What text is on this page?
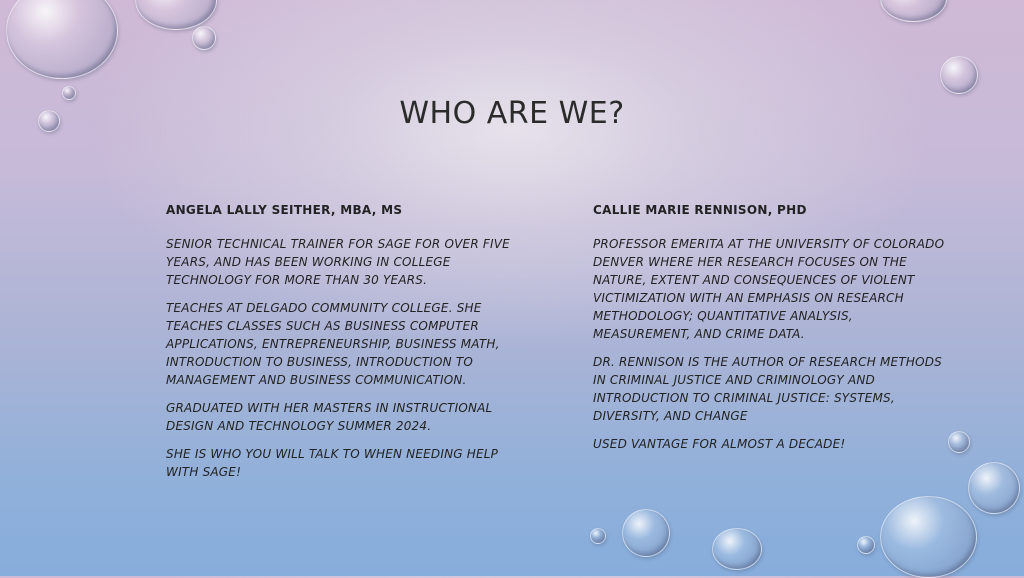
WHO ARE WE?
ANGELA LALLY SEITHER, MBA, MS

SENIOR TECHNICAL TRAINER FOR SAGE FOR OVER FIVE YEARS, AND HAS BEEN WORKING IN COLLEGE TECHNOLOGY FOR MORE THAN 30 YEARS.

TEACHES AT DELGADO COMMUNITY COLLEGE. SHE TEACHES CLASSES SUCH AS BUSINESS COMPUTER APPLICATIONS, ENTREPRENEURSHIP, BUSINESS MATH, INTRODUCTION TO BUSINESS, INTRODUCTION TO MANAGEMENT AND BUSINESS COMMUNICATION.

GRADUATED WITH HER MASTERS IN INSTRUCTIONAL DESIGN AND TECHNOLOGY SUMMER 2024.

SHE IS WHO YOU WILL TALK TO WHEN NEEDING HELP WITH SAGE!

CALLIE MARIE RENNISON, PHD

PROFESSOR EMERITA AT THE UNIVERSITY OF COLORADO DENVER WHERE HER RESEARCH FOCUSES ON THE NATURE, EXTENT AND CONSEQUENCES OF VIOLENT VICTIMIZATION WITH AN EMPHASIS ON RESEARCH METHODOLOGY; QUANTITATIVE ANALYSIS, MEASUREMENT, AND CRIME DATA.

DR. RENNISON IS THE AUTHOR OF RESEARCH METHODS IN CRIMINAL JUSTICE AND CRIMINOLOGY AND INTRODUCTION TO CRIMINAL JUSTICE: SYSTEMS, DIVERSITY, AND CHANGE

USED VANTAGE FOR ALMOST A DECADE!
